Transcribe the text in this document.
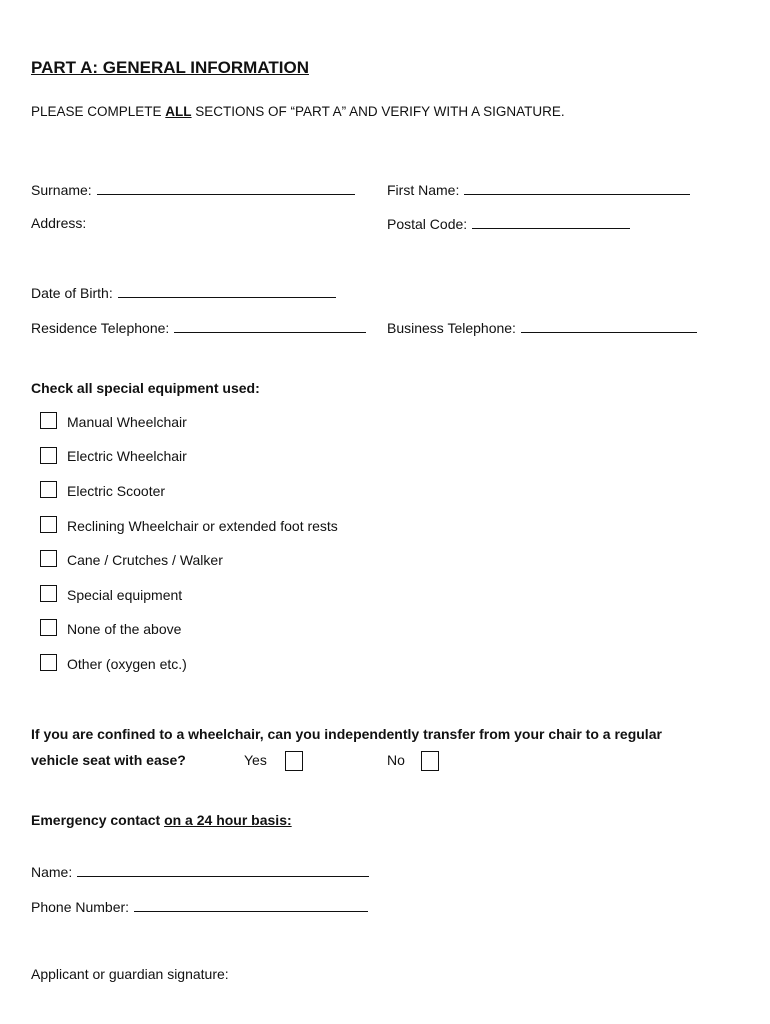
PART A: GENERAL INFORMATION
PLEASE COMPLETE ALL SECTIONS OF “PART A” AND VERIFY WITH A SIGNATURE.
Surname:	First Name:
Address:	Postal Code:
Date of Birth:
Residence Telephone:	Business Telephone:
Check all special equipment used:
Manual Wheelchair
Electric Wheelchair
Electric Scooter
Reclining Wheelchair or extended foot rests
Cane / Crutches / Walker
Special equipment
None of the above
Other (oxygen etc.)
If you are confined to a wheelchair, can you independently transfer from your chair to a regular
vehicle seat with ease?	Yes	No
Emergency contact on a 24 hour basis:
Name:
Phone Number:
Applicant or guardian signature:
